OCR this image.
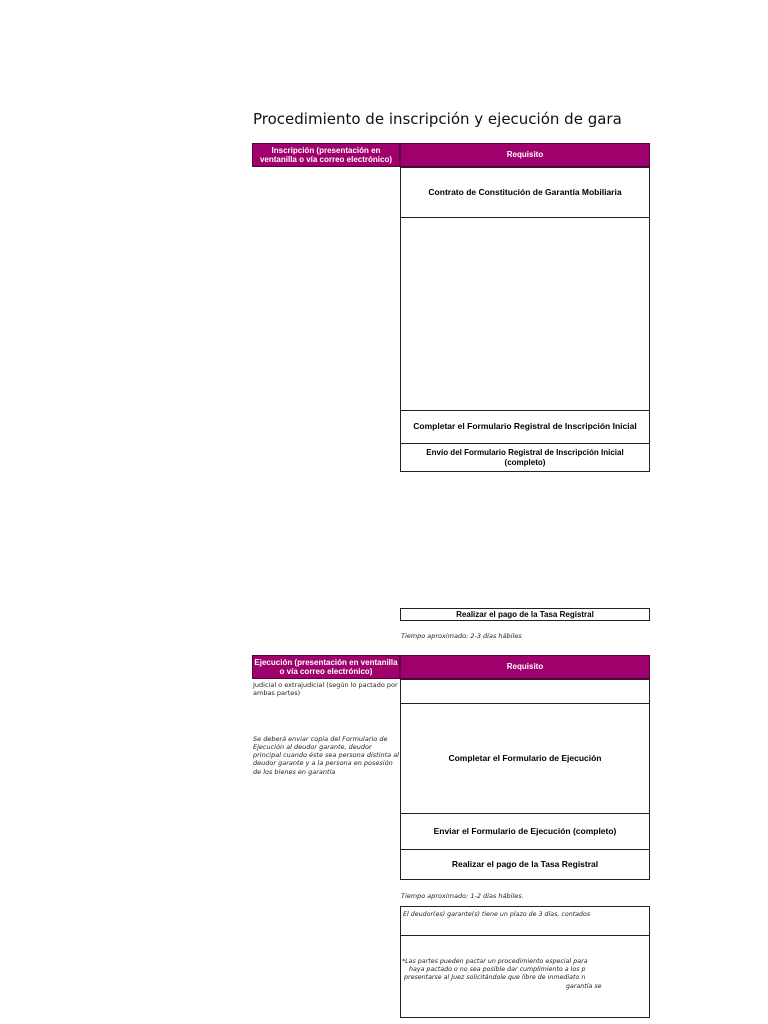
Procedimiento de inscripción y ejecución de gara
Inscripción (presentación en ventanilla o vía correo electrónico)
Requisito
Contrato de Constitución de Garantía Mobiliaria
Completar el Formulario Registral de Inscripción Inicial
Envío del Formulario Registral de Inscripción Inicial (completo)
Realizar el pago de la Tasa Registral
Tiempo aproximado: 2-3 días hábiles
Ejecución (presentación en ventanilla o vía correo electrónico)
Requisito
Judicial o extrajudicial (según lo pactado por ambas partes)
Se deberá enviar copia del Formulario de Ejecución al deudor garante, deudor principal cuando éste sea persona distinta al deudor garante y a la persona en posesión de los bienes en garantía
Completar el Formulario de Ejecución
Enviar el Formulario de Ejecución (completo)
Realizar el pago de la Tasa Registral
Tiempo aproximado: 1-2 días hábiles.
El deudor(es) garante(s) tiene un plazo de 3 días, contados
*Las partes pueden pactar un procedimiento especial para
haya pactado o no sea posible dar cumplimiento a los p
presentarse al Juez solicitándole que libre de inmediato n
garantía se
